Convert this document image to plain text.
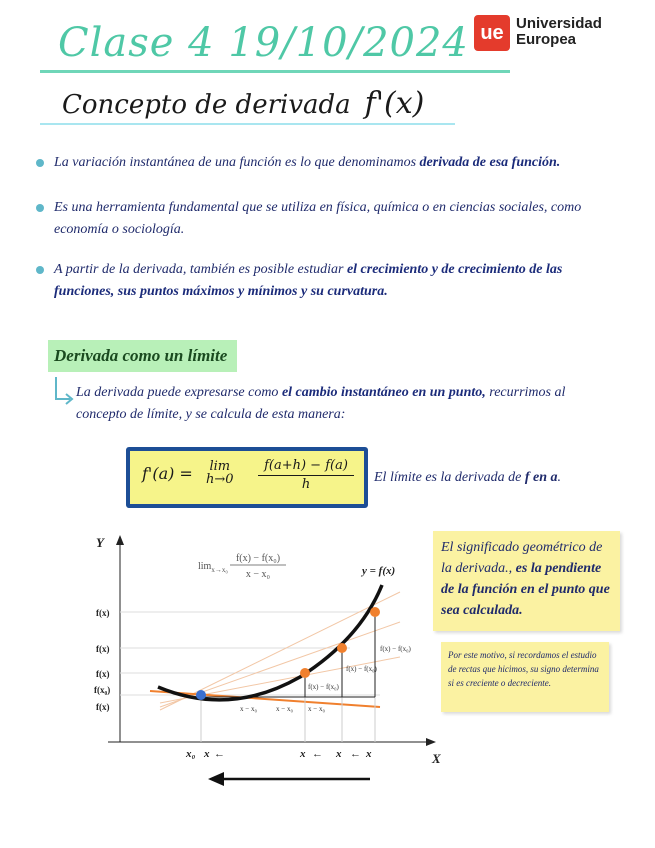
Clase 4 19/10/2024 ue Universidad Europea
Concepto de derivada f'(x)
La variación instantánea de una función es lo que denominamos derivada de esa función.
Es una herramienta fundamental que se utiliza en física, química o en ciencias sociales, como economía o sociología.
A partir de la derivada, también es posible estudiar el crecimiento y de crecimiento de las funciones, sus puntos máximos y mínimos y su curvatura.
Derivada como un límite
La derivada puede expresarse como el cambio instantáneo en un punto, recurrimos al concepto de límite, y se calcula de esta manera:
f'(a) = lim
h→0
f(a+h) − f(a)
h	El límite es la derivada de f en a.
Y
X
$\lim_{x\to x_0}$
f(x) − f(x₀)
x − x₀	y = f(x)
f(x)
f(x)
f(x)
f(x₀)
f(x)
f(x) − f(x₀)
f(x) − f(x₀)
f(x) − f(x₀)
x − x₀	x − x₀ x − x₀
x₀ x ←	x ← x ← x
El significado geométrico de la derivada., es la pendiente de la función en el punto que sea calculada.
Por este motivo, si recordamos el estudio de rectas que hicimos, su signo determina si es creciente o decreciente.
